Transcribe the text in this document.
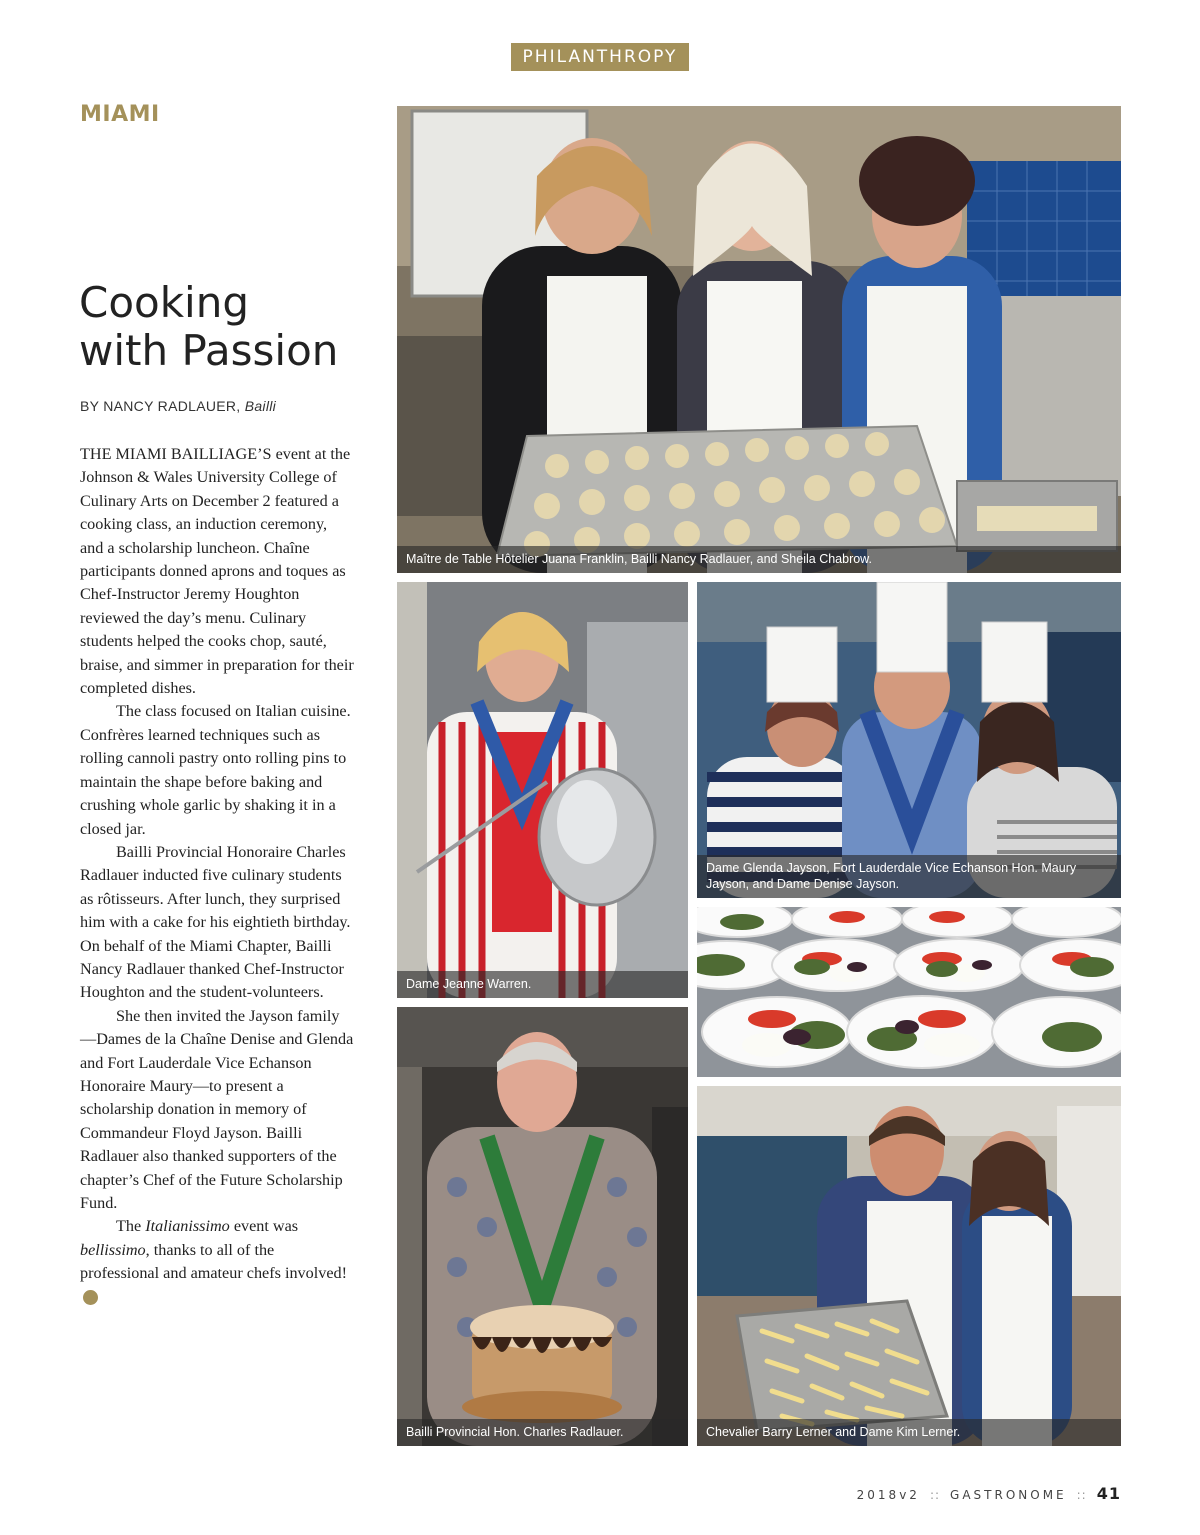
PHILANTHROPY
MIAMI
Cooking
with Passion
BY NANCY RADLAUER, Bailli

THE MIAMI BAILLIAGE’S event at the Johnson & Wales University College of Culinary Arts on December 2 featured a cooking class, an induction ceremony, and a scholarship luncheon. Chaîne participants donned aprons and toques as Chef-Instructor Jeremy Houghton reviewed the day’s menu. Culinary students helped the cooks chop, sauté, braise, and simmer in preparation for their completed dishes.

The class focused on Italian cuisine. Confrères learned techniques such as rolling cannoli pastry onto rolling pins to maintain the shape before baking and crushing whole garlic by shaking it in a closed jar.

Bailli Provincial Honoraire Charles Radlauer inducted five culinary students as rôtisseurs. After lunch, they surprised him with a cake for his eightieth birthday. On behalf of the Miami Chapter, Bailli Nancy Radlauer thanked Chef-Instructor Houghton and the student-volunteers.

She then invited the Jayson family—Dames de la Chaîne Denise and Glenda and Fort Lauderdale Vice Echanson Honoraire Maury—to present a scholarship donation in memory of Commandeur Floyd Jayson. Bailli Radlauer also thanked supporters of the chapter’s Chef of the Future Scholarship Fund.

The Italianissimo event was bellissimo, thanks to all of the professional and amateur chefs involved!G

Maître de Table Hôtelier Juana Franklin, Bailli Nancy Radlauer, and Sheila Chabrow.
Dame Jeanne Warren.
Dame Glenda Jayson, Fort Lauderdale Vice Echanson Hon. Maury Jayson, and Dame Denise Jayson.
Bailli Provincial Hon. Charles Radlauer.	Chevalier Barry Lerner and Dame Kim Lerner.
2018v2 :: GASTRONOME :: 41
